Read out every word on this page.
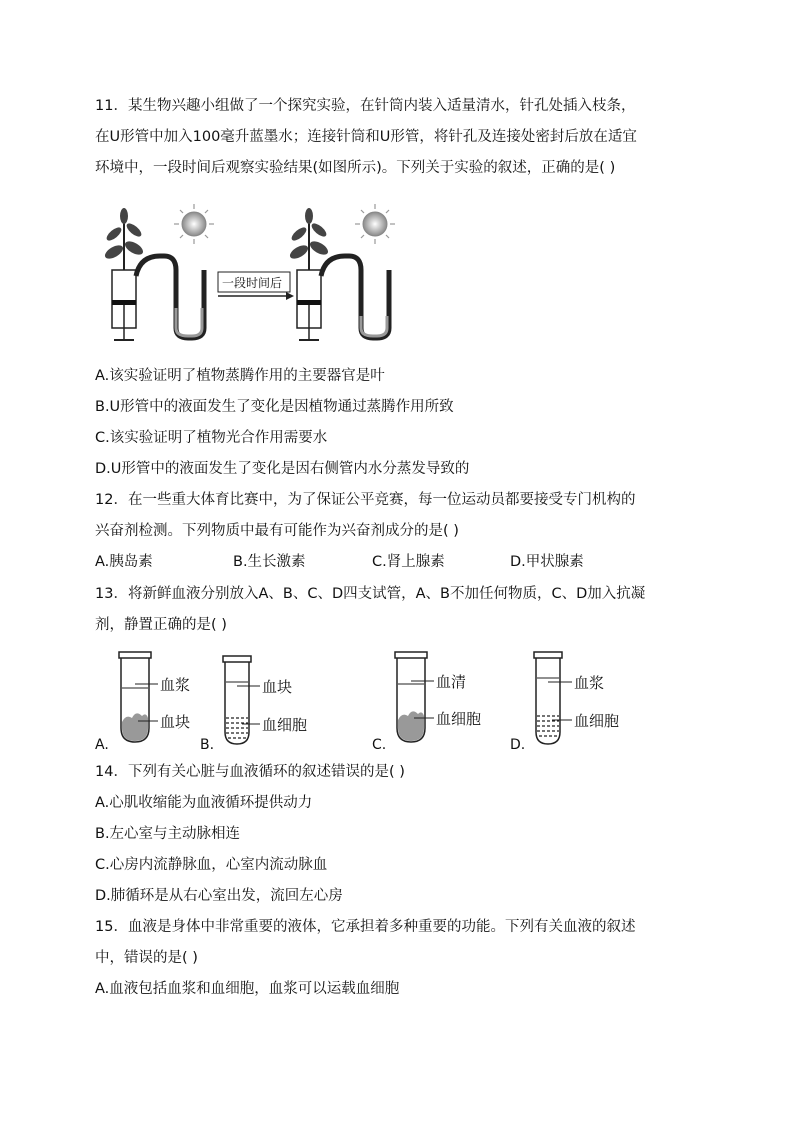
11．某生物兴趣小组做了一个探究实验，在针筒内装入适量清水，针孔处插入枝条，
在U形管中加入100毫升蓝墨水；连接针筒和U形管，将针孔及连接处密封后放在适宜
环境中，一段时间后观察实验结果(如图所示)。下列关于实验的叙述，正确的是( )
一段时间后
A.该实验证明了植物蒸腾作用的主要器官是叶
B.U形管中的液面发生了变化是因植物通过蒸腾作用所致
C.该实验证明了植物光合作用需要水
D.U形管中的液面发生了变化是因右侧管内水分蒸发导致的
12．在一些重大体育比赛中，为了保证公平竞赛，每一位运动员都要接受专门机构的
兴奋剂检测。下列物质中最有可能作为兴奋剂成分的是( )
A.胰岛素	B.生长激素	C.肾上腺素	D.甲状腺素
13．将新鲜血液分别放入A、B、C、D四支试管，A、B不加任何物质，C、D加入抗凝
剂，静置正确的是( )
血浆
血块
A.
血块
血细胞
B.
血清
血细胞
C.
血浆
血细胞
D.
14．下列有关心脏与血液循环的叙述错误的是( )
A.心肌收缩能为血液循环提供动力
B.左心室与主动脉相连
C.心房内流静脉血，心室内流动脉血
D.肺循环是从右心室出发，流回左心房
15．血液是身体中非常重要的液体，它承担着多种重要的功能。下列有关血液的叙述
中，错误的是( )
A.血液包括血浆和血细胞，血浆可以运载血细胞
